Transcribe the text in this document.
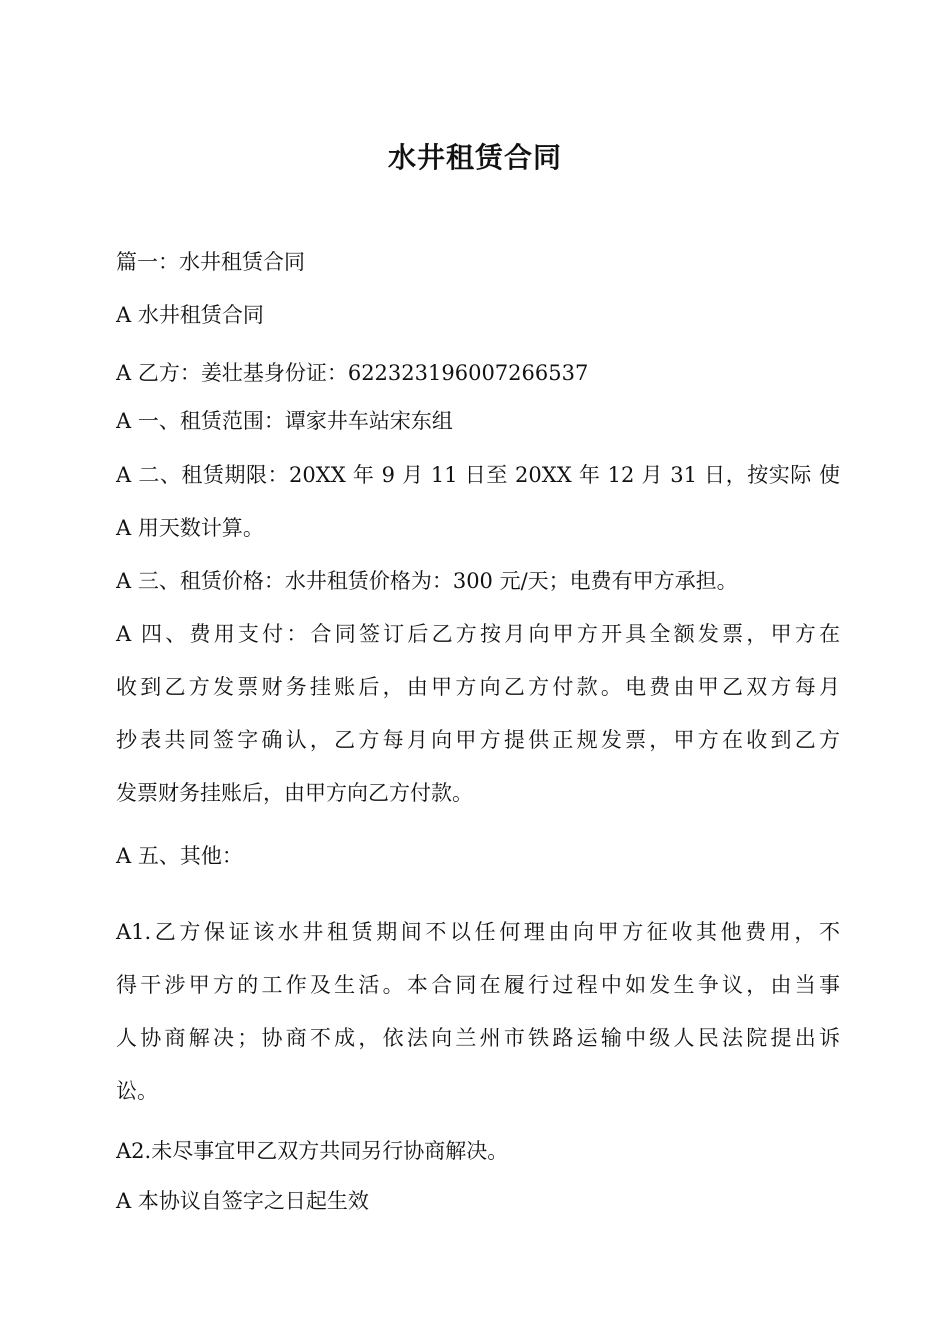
水井租赁合同
篇一：水井租赁合同
A 水井租赁合同
A 乙方：姜壮基身份证：622323196007266537
A 一、租赁范围：谭家井车站宋东组
A 二、租赁期限：20XX 年 9 月 11 日至 20XX 年 12 月 31 日，按实际 使
A 用天数计算。
A 三、租赁价格：水井租赁价格为：300 元/天；电费有甲方承担。
A 四、费用支付：合同签订后乙方按月向甲方开具全额发票，甲方在
收到乙方发票财务挂账后，由甲方向乙方付款。电费由甲乙双方每月
抄表共同签字确认，乙方每月向甲方提供正规发票，甲方在收到乙方
发票财务挂账后，由甲方向乙方付款。
A 五、其他：
A1.乙方保证该水井租赁期间不以任何理由向甲方征收其他费用，不
得干涉甲方的工作及生活。本合同在履行过程中如发生争议，由当事
人协商解决；协商不成，依法向兰州市铁路运输中级人民法院提出诉
讼。
A2.未尽事宜甲乙双方共同另行协商解决。
A 本协议自签字之日起生效
